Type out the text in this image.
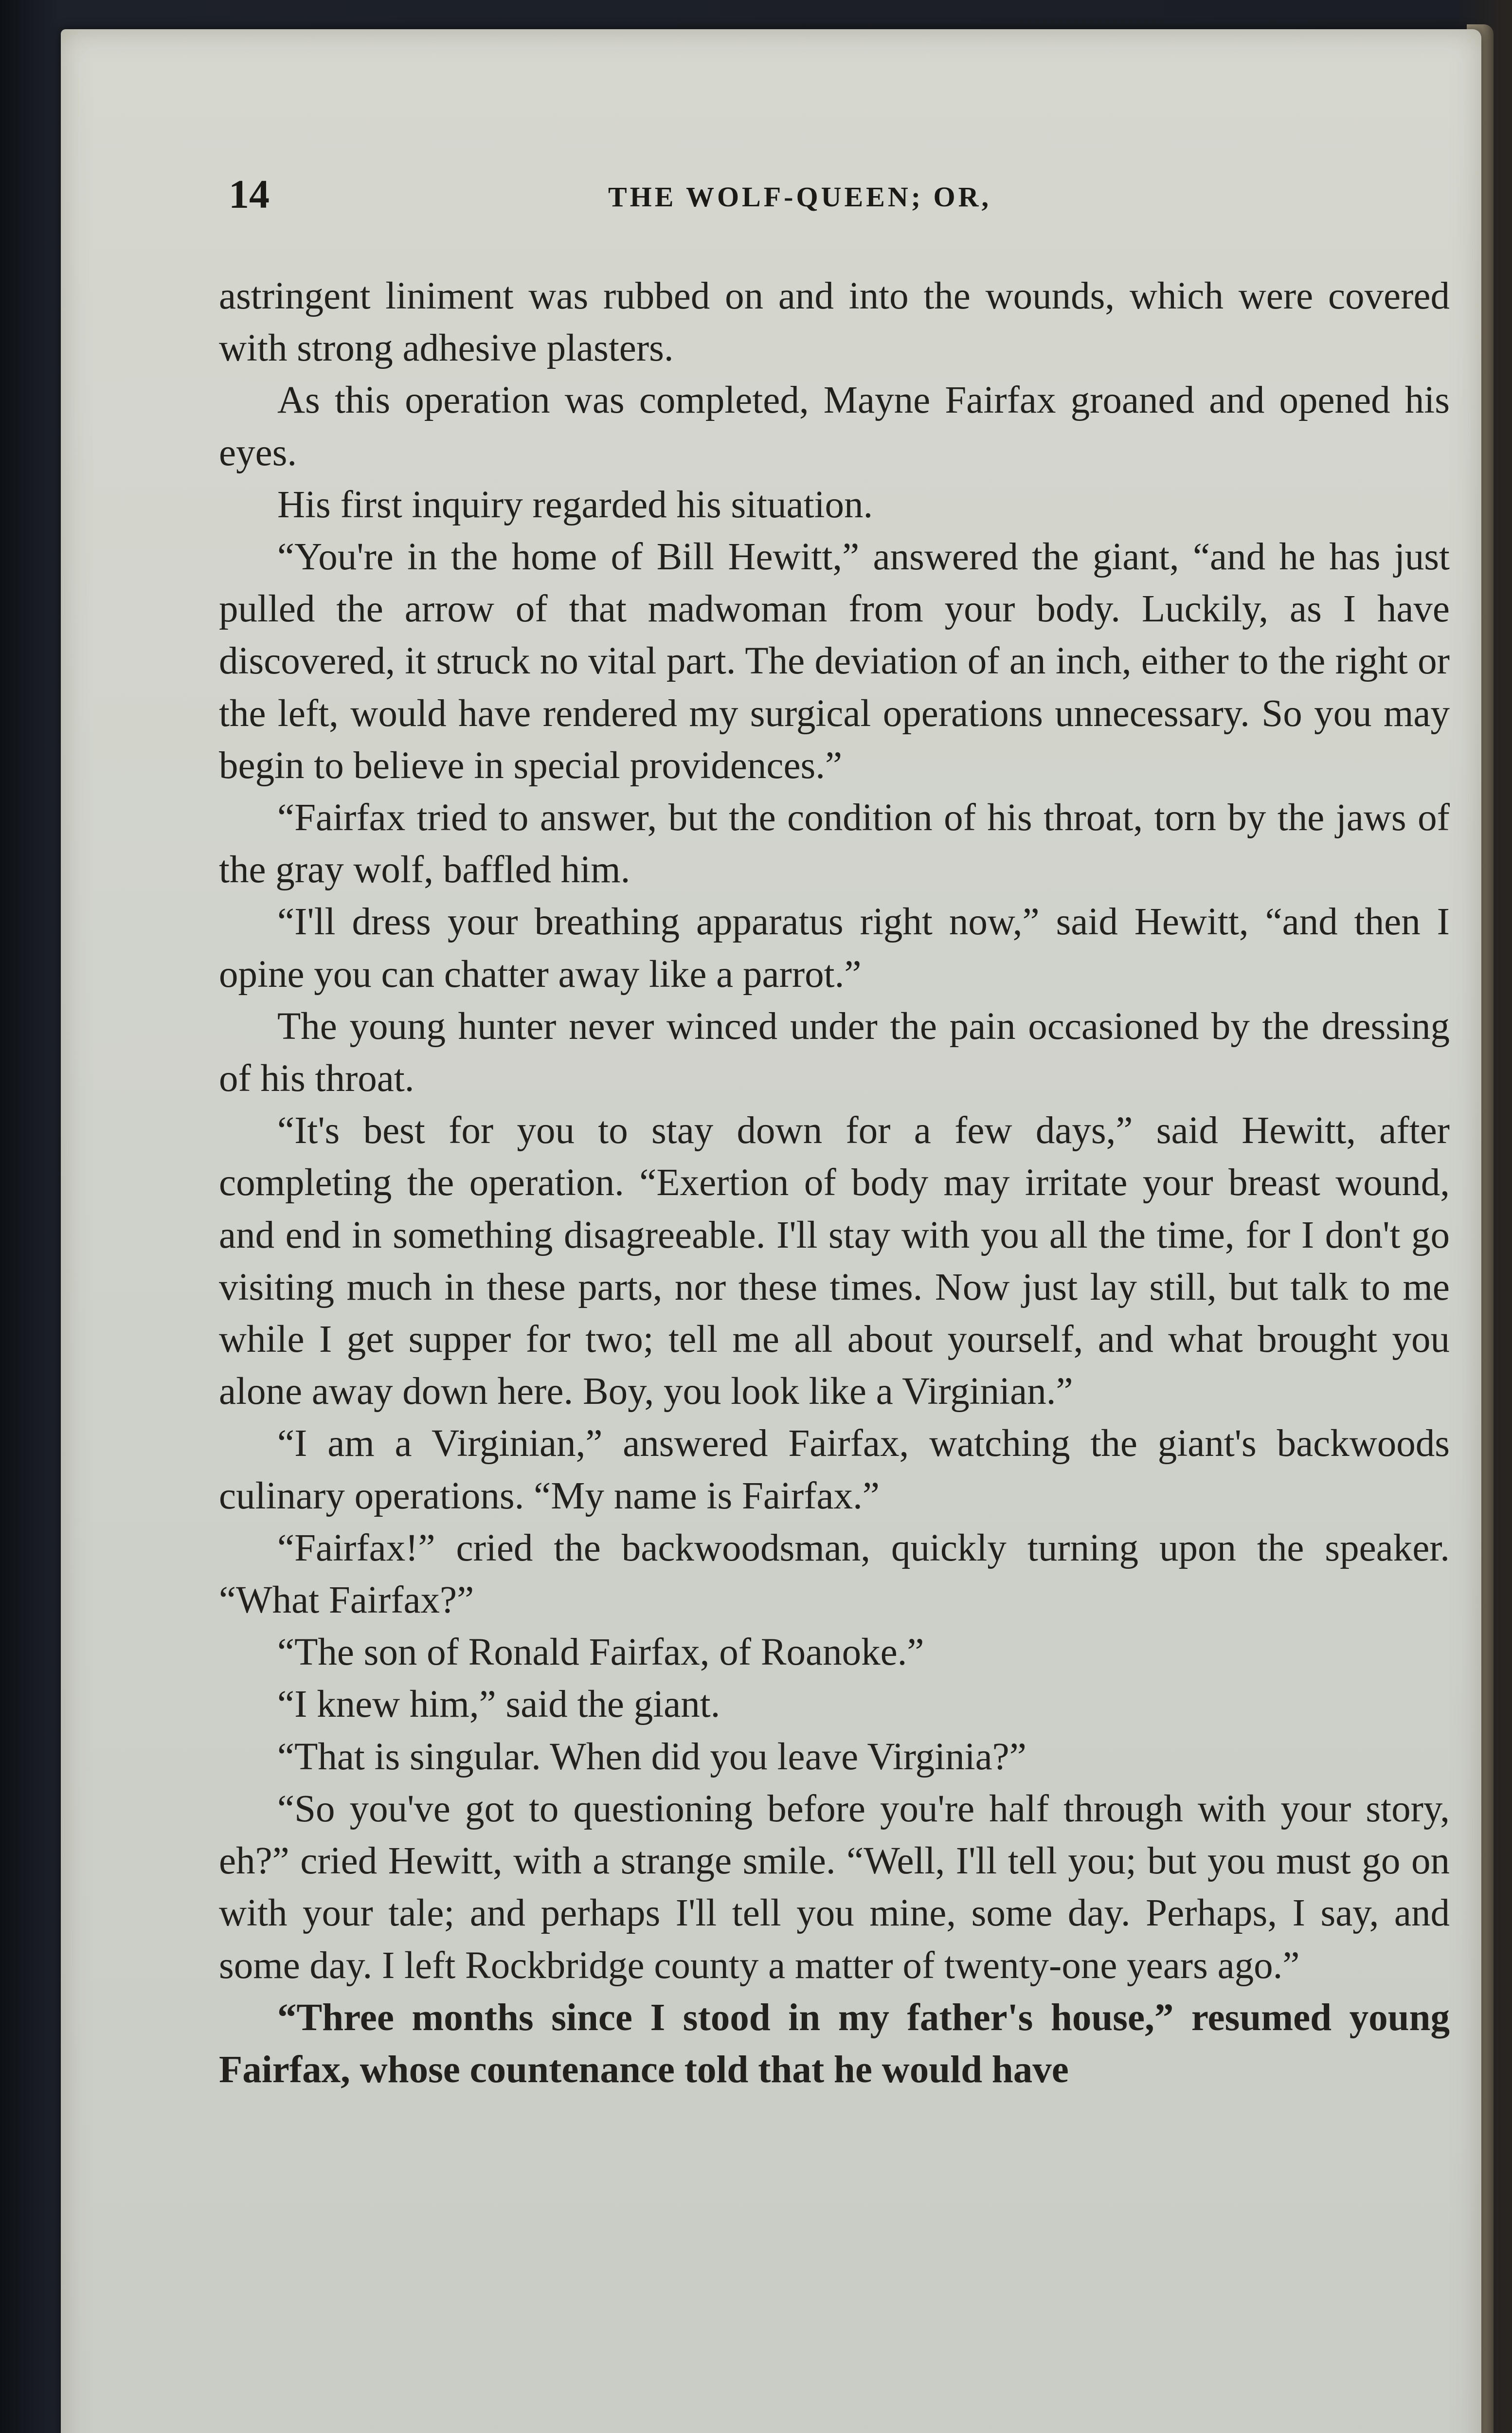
14	THE WOLF-QUEEN; OR,

astringent liniment was rubbed on and into the wounds, which were covered with strong adhesive plasters.

As this operation was completed, Mayne Fairfax groaned and opened his eyes.

His first inquiry regarded his situation.

“You're in the home of Bill Hewitt,” answered the giant, “and he has just pulled the arrow of that madwoman from your body. Luckily, as I have discovered, it struck no vital part. The deviation of an inch, either to the right or the left, would have rendered my surgical operations unnecessary. So you may begin to believe in special providences.”

“Fairfax tried to answer, but the condition of his throat, torn by the jaws of the gray wolf, baffled him.

“I'll dress your breathing apparatus right now,” said Hewitt, “and then I opine you can chatter away like a parrot.”

The young hunter never winced under the pain occasioned by the dressing of his throat.

“It's best for you to stay down for a few days,” said Hewitt, after completing the operation. “Exertion of body may irritate your breast wound, and end in something disagreeable. I'll stay with you all the time, for I don't go visiting much in these parts, nor these times. Now just lay still, but talk to me while I get supper for two; tell me all about yourself, and what brought you alone away down here. Boy, you look like a Virginian.”

“I am a Virginian,” answered Fairfax, watching the giant's backwoods culinary operations. “My name is Fairfax.”

“Fairfax!” cried the backwoodsman, quickly turning upon the speaker. “What Fairfax?”

“The son of Ronald Fairfax, of Roanoke.”

“I knew him,” said the giant.

“That is singular. When did you leave Virginia?”

“So you've got to questioning before you're half through with your story, eh?” cried Hewitt, with a strange smile. “Well, I'll tell you; but you must go on with your tale; and perhaps I'll tell you mine, some day. Perhaps, I say, and some day. I left Rockbridge county a matter of twenty-one years ago.”

“Three months since I stood in my father's house,” resumed young Fairfax, whose countenance told that he would have
